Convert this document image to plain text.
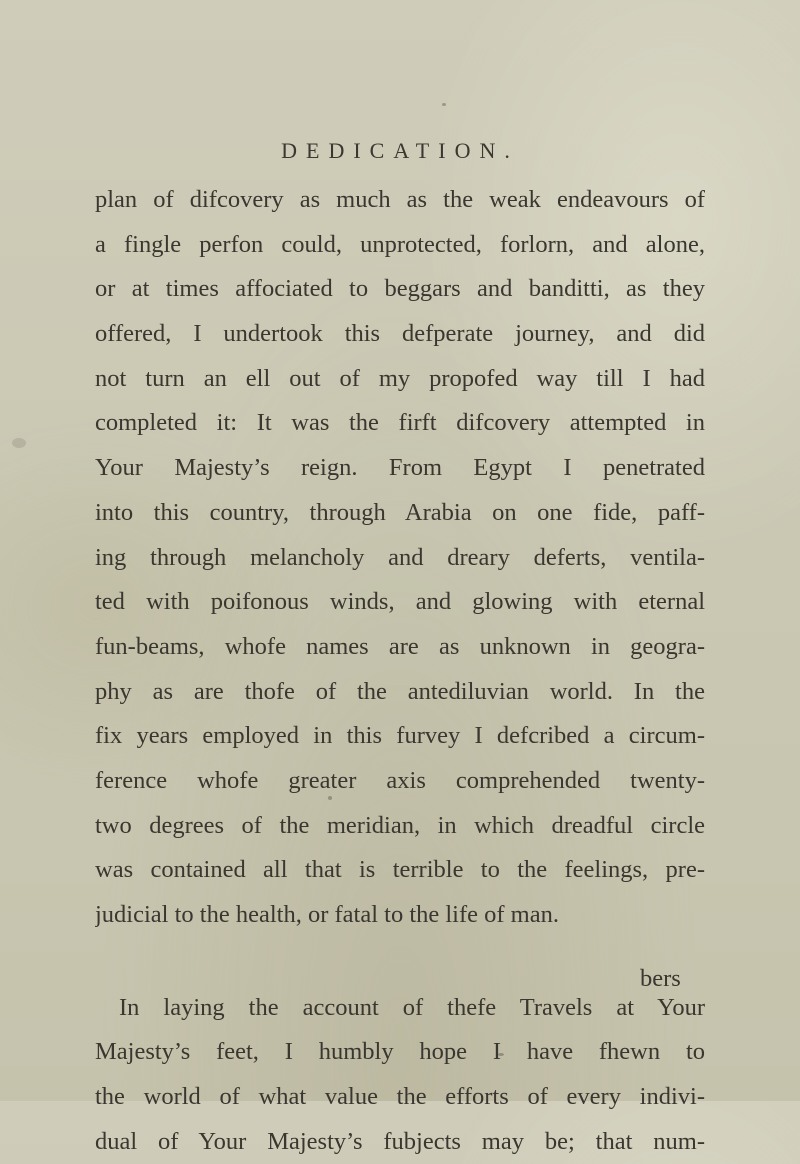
DEDICATION.
plan of difcovery as much as the weak endeavours of
a fingle perfon could, unprotected, forlorn, and alone,
or at times affociated to beggars and banditti, as they
offered, I undertook this defperate journey, and did
not turn an ell out of my propofed way till I had
completed it: It was the firft difcovery attempted in
Your Majesty’s reign. From Egypt I penetrated
into this country, through Arabia on one fide, paff-
ing through melancholy and dreary deferts, ventila-
ted with poifonous winds, and glowing with eternal
fun-beams, whofe names are as unknown in geogra-
phy as are thofe of the antediluvian world. In the
fix years employed in this furvey I defcribed a circum-
ference whofe greater axis comprehended twenty-
two degrees of the meridian, in which dreadful circle
was contained all that is terrible to the feelings, pre-
judicial to the health, or fatal to the life of man.
In laying the account of thefe Travels at Your
Majesty’s feet, I humbly hope I have fhewn to
the world of what value the efforts of every indivi-
dual of Your Majesty’s fubjects may be; that num-
bers
